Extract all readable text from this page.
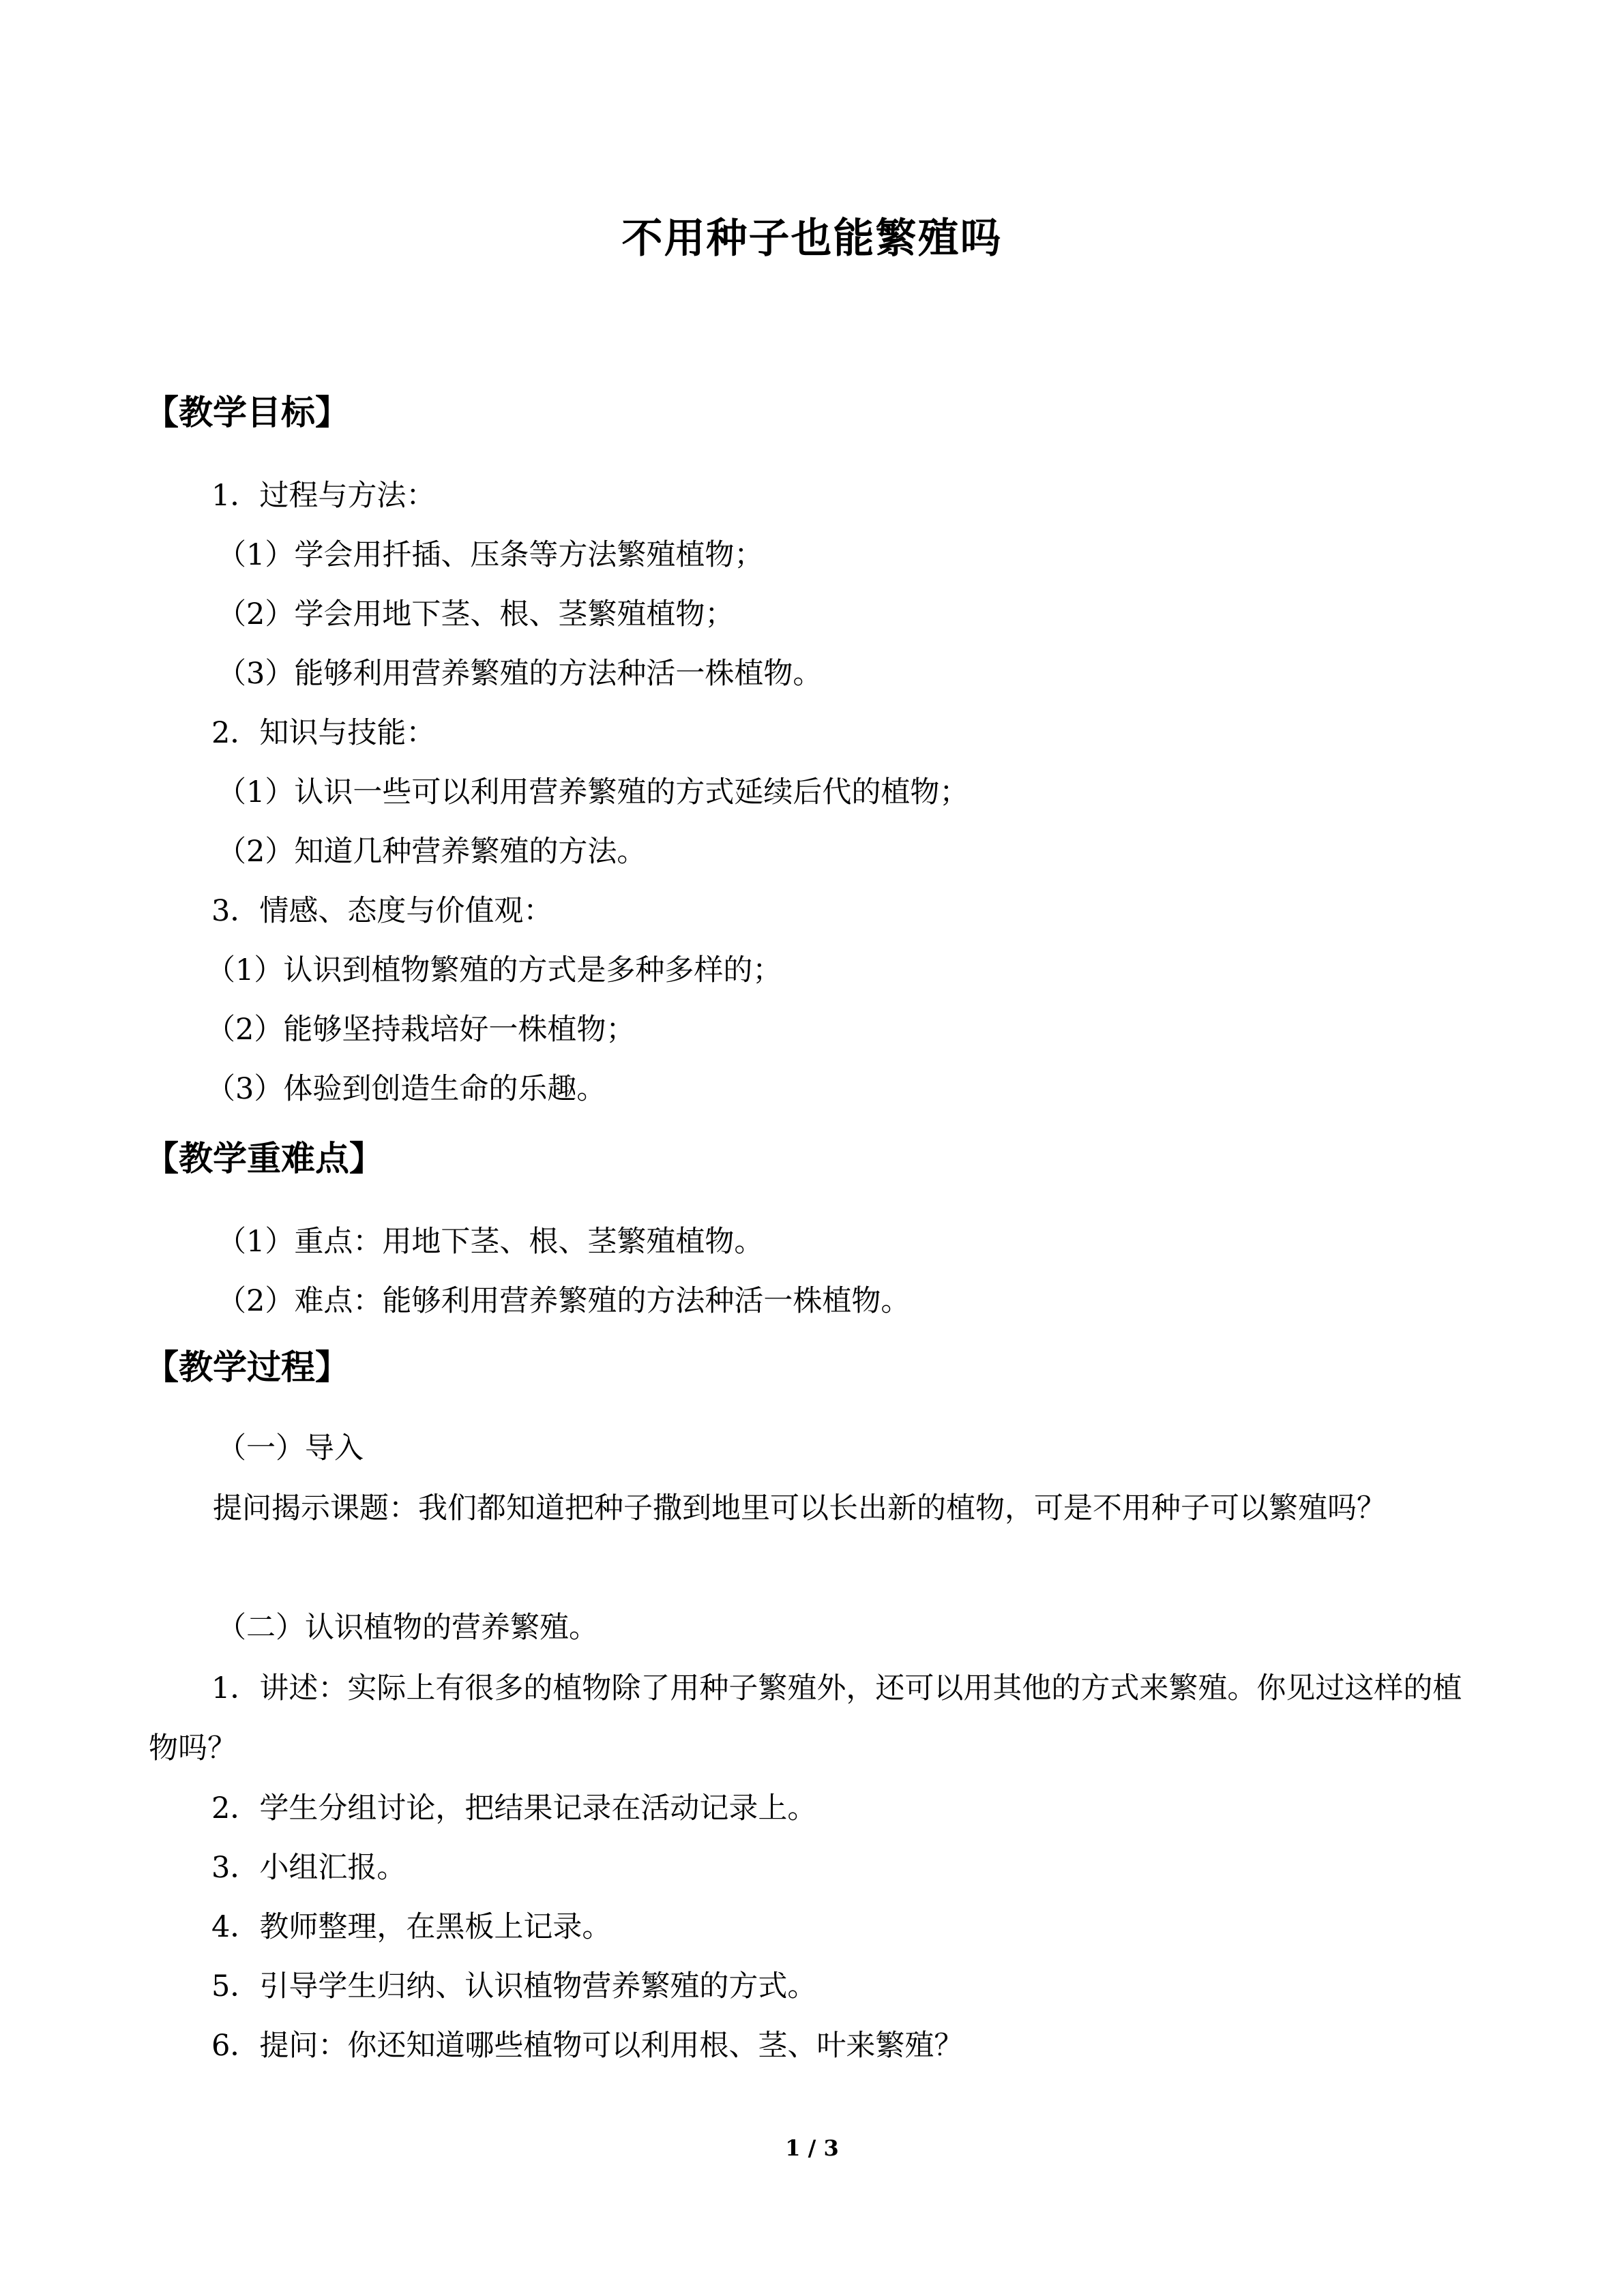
不用种子也能繁殖吗
【教学目标】
1．过程与方法：
（1）学会用扦插、压条等方法繁殖植物；
（2）学会用地下茎、根、茎繁殖植物；
（3）能够利用营养繁殖的方法种活一株植物。
2．知识与技能：
（1）认识一些可以利用营养繁殖的方式延续后代的植物；
（2）知道几种营养繁殖的方法。
3．情感、态度与价值观：
（1）认识到植物繁殖的方式是多种多样的；
（2）能够坚持栽培好一株植物；
（3）体验到创造生命的乐趣。
【教学重难点】
（1）重点：用地下茎、根、茎繁殖植物。
（2）难点：能够利用营养繁殖的方法种活一株植物。
【教学过程】
（一）导入
提问揭示课题：我们都知道把种子撒到地里可以长出新的植物，可是不用种子可以繁殖吗？
（二）认识植物的营养繁殖。
1．讲述：实际上有很多的植物除了用种子繁殖外，还可以用其他的方式来繁殖。你见过这样的植物吗？
2．学生分组讨论，把结果记录在活动记录上。
3．小组汇报。
4．教师整理，在黑板上记录。
5．引导学生归纳、认识植物营养繁殖的方式。
6．提问：你还知道哪些植物可以利用根、茎、叶来繁殖？
1 / 3
